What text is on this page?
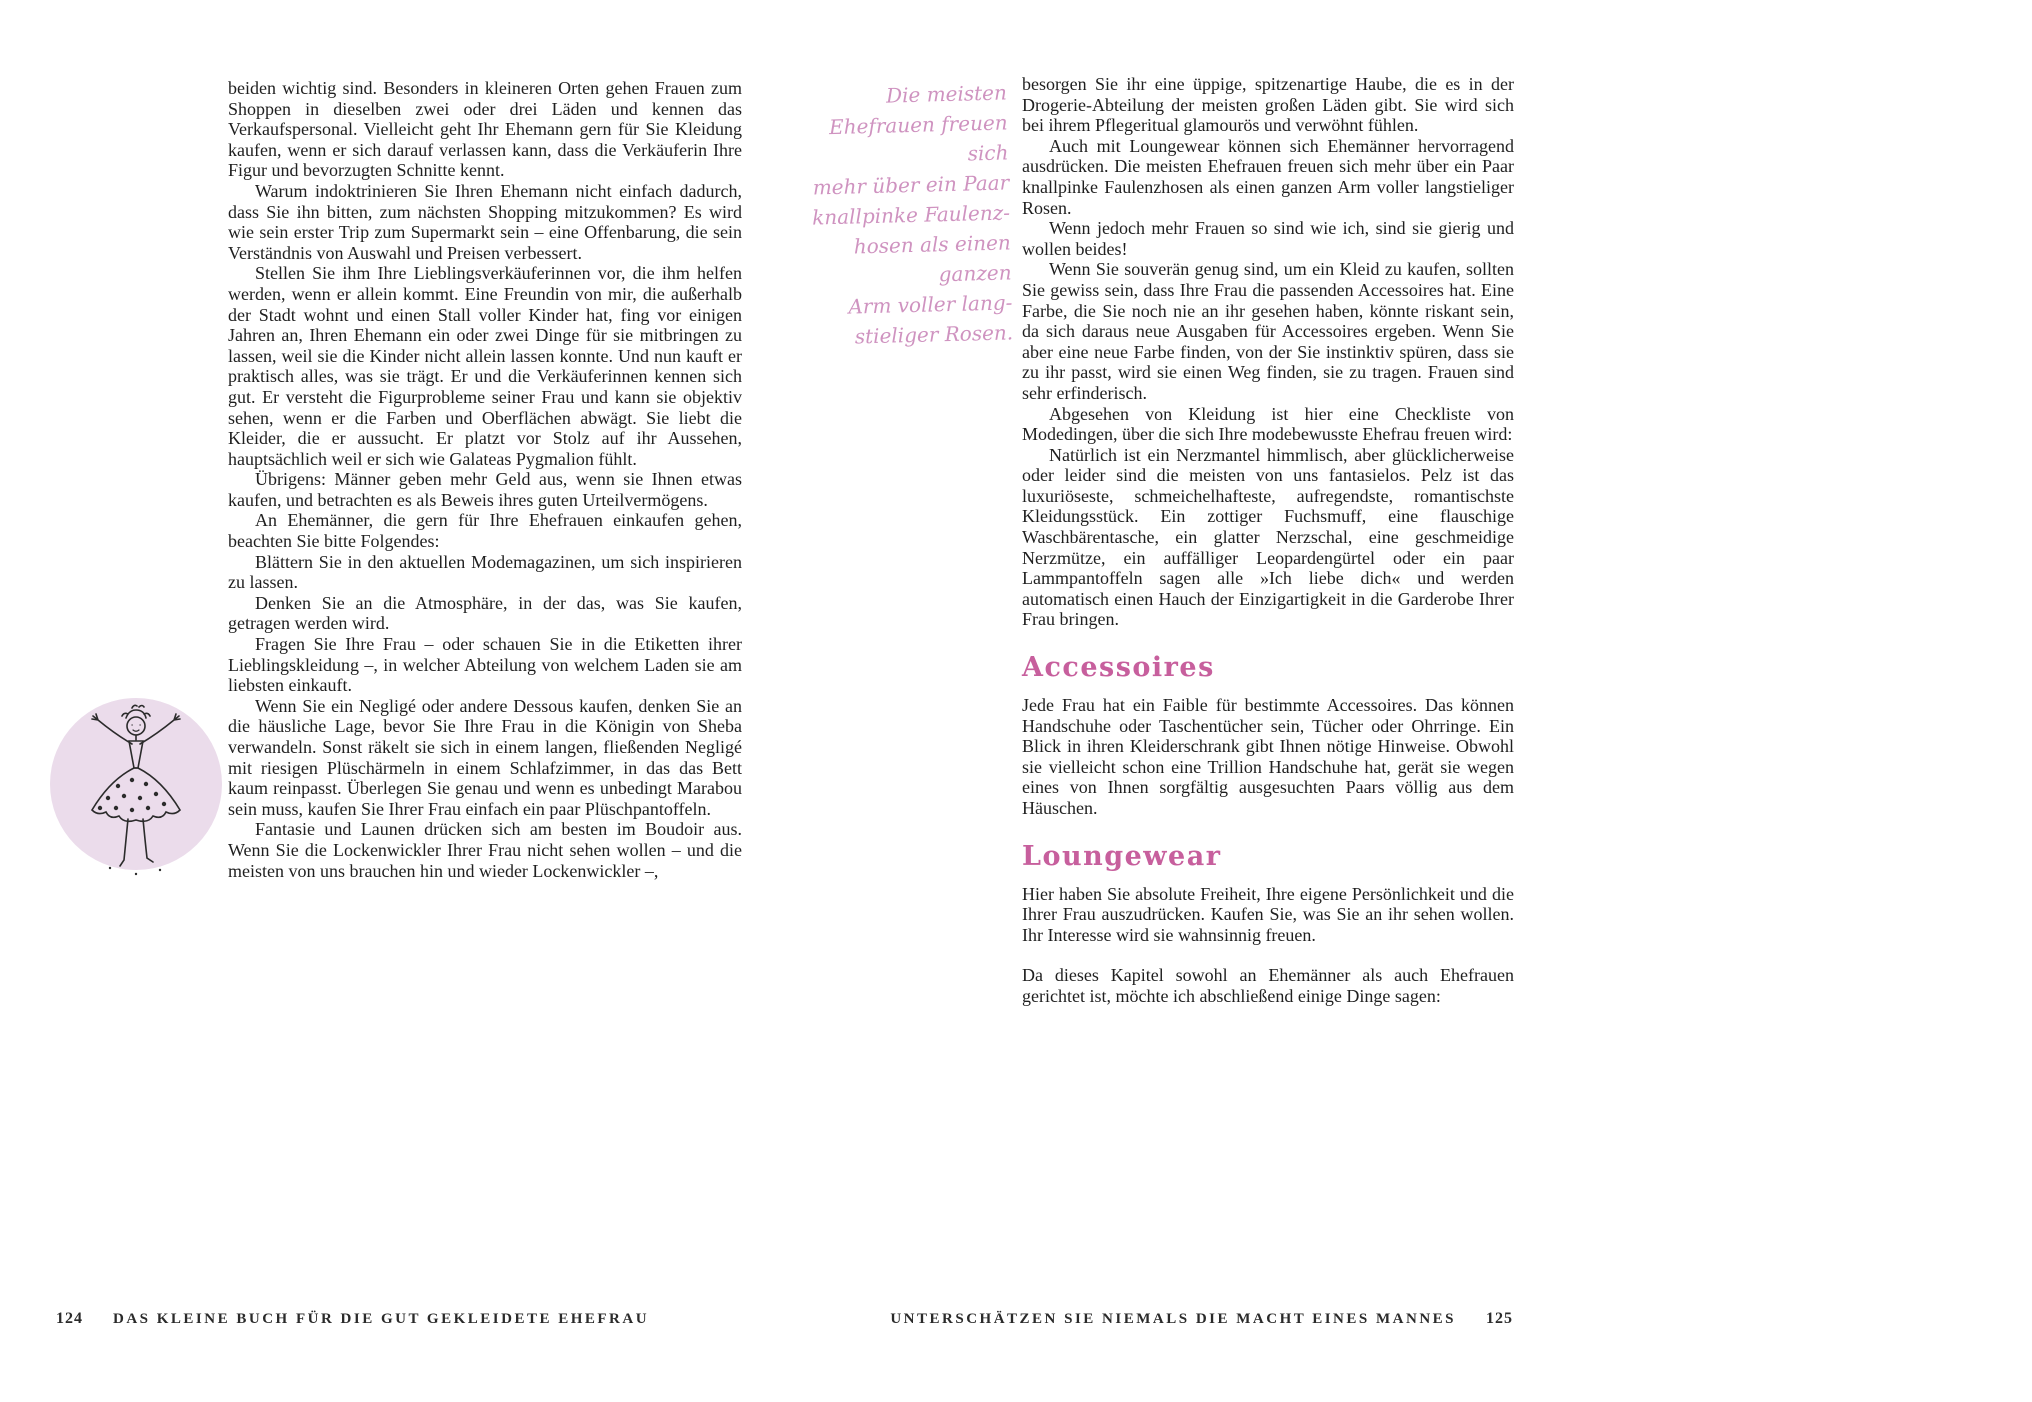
beiden wichtig sind. Besonders in kleineren Orten gehen Frauen zum Shoppen in dieselben zwei oder drei Läden und kennen das Verkaufspersonal. Vielleicht geht Ihr Ehemann gern für Sie Kleidung kaufen, wenn er sich darauf verlassen kann, dass die Verkäuferin Ihre Figur und bevorzugten Schnitte kennt.

Warum indoktrinieren Sie Ihren Ehemann nicht einfach dadurch, dass Sie ihn bitten, zum nächsten Shopping mitzukommen? Es wird wie sein erster Trip zum Supermarkt sein – eine Offenbarung, die sein Verständnis von Auswahl und Preisen verbessert.

Stellen Sie ihm Ihre Lieblingsverkäuferinnen vor, die ihm helfen werden, wenn er allein kommt. Eine Freundin von mir, die außerhalb der Stadt wohnt und einen Stall voller Kinder hat, fing vor einigen Jahren an, Ihren Ehemann ein oder zwei Dinge für sie mitbringen zu lassen, weil sie die Kinder nicht allein lassen konnte. Und nun kauft er praktisch alles, was sie trägt. Er und die Verkäuferinnen kennen sich gut. Er versteht die Figurprobleme seiner Frau und kann sie objektiv sehen, wenn er die Farben und Oberflächen abwägt. Sie liebt die Kleider, die er aussucht. Er platzt vor Stolz auf ihr Aussehen, hauptsächlich weil er sich wie Galateas Pygmalion fühlt.

Übrigens: Männer geben mehr Geld aus, wenn sie Ihnen etwas kaufen, und betrachten es als Beweis ihres guten Urteilvermögens.

An Ehemänner, die gern für Ihre Ehefrauen einkaufen gehen, beachten Sie bitte Folgendes:

Blättern Sie in den aktuellen Modemagazinen, um sich inspirieren zu lassen.

Denken Sie an die Atmosphäre, in der das, was Sie kaufen, getragen werden wird.

Fragen Sie Ihre Frau – oder schauen Sie in die Etiketten ihrer Lieblingskleidung –, in welcher Abteilung von welchem Laden sie am liebsten einkauft.

Wenn Sie ein Negligé oder andere Dessous kaufen, denken Sie an die häusliche Lage, bevor Sie Ihre Frau in die Königin von Sheba verwandeln. Sonst räkelt sie sich in einem langen, fließenden Negligé mit riesigen Plüschärmeln in einem Schlafzimmer, in das das Bett kaum reinpasst. Überlegen Sie genau und wenn es unbedingt Marabou sein muss, kaufen Sie Ihrer Frau einfach ein paar Plüschpantoffeln.

Fantasie und Launen drücken sich am besten im Boudoir aus. Wenn Sie die Lockenwickler Ihrer Frau nicht sehen wollen – und die meisten von uns brauchen hin und wieder Lockenwickler –,

Die meisten
Ehefrauen freuen sich
mehr über ein Paar
knallpinke Faulenz-
hosen als einen ganzen
Arm voller lang-
stieliger Rosen.

besorgen Sie ihr eine üppige, spitzenartige Haube, die es in der Drogerie-Abteilung der meisten großen Läden gibt. Sie wird sich bei ihrem Pflegeritual glamourös und verwöhnt fühlen.

Auch mit Loungewear können sich Ehemänner hervorragend ausdrücken. Die meisten Ehefrauen freuen sich mehr über ein Paar knallpinke Faulenzhosen als einen ganzen Arm voller langstieliger Rosen.

Wenn jedoch mehr Frauen so sind wie ich, sind sie gierig und wollen beides!

Wenn Sie souverän genug sind, um ein Kleid zu kaufen, sollten Sie gewiss sein, dass Ihre Frau die passenden Accessoires hat. Eine Farbe, die Sie noch nie an ihr gesehen haben, könnte riskant sein, da sich daraus neue Ausgaben für Accessoires ergeben. Wenn Sie aber eine neue Farbe finden, von der Sie instinktiv spüren, dass sie zu ihr passt, wird sie einen Weg finden, sie zu tragen. Frauen sind sehr erfinderisch.

Abgesehen von Kleidung ist hier eine Checkliste von Modedingen, über die sich Ihre modebewusste Ehefrau freuen wird:

Natürlich ist ein Nerzmantel himmlisch, aber glücklicherweise oder leider sind die meisten von uns fantasielos. Pelz ist das luxuriöseste, schmeichelhafteste, aufregendste, romantischste Kleidungsstück. Ein zottiger Fuchsmuff, eine flauschige Waschbärentasche, ein glatter Nerzschal, eine geschmeidige Nerzmütze, ein auffälliger Leopardengürtel oder ein paar Lammpantoffeln sagen alle »Ich liebe dich« und werden automatisch einen Hauch der Einzigartigkeit in die Garderobe Ihrer Frau bringen.

Accessoires

Jede Frau hat ein Faible für bestimmte Accessoires. Das können Handschuhe oder Taschentücher sein, Tücher oder Ohrringe. Ein Blick in ihren Kleiderschrank gibt Ihnen nötige Hinweise. Obwohl sie vielleicht schon eine Trillion Handschuhe hat, gerät sie wegen eines von Ihnen sorgfältig ausgesuchten Paars völlig aus dem Häuschen.

Loungewear

Hier haben Sie absolute Freiheit, Ihre eigene Persönlichkeit und die Ihrer Frau auszudrücken. Kaufen Sie, was Sie an ihr sehen wollen. Ihr Interesse wird sie wahnsinnig freuen.

Da dieses Kapitel sowohl an Ehemänner als auch Ehefrauen gerichtet ist, möchte ich abschließend einige Dinge sagen:

124 DAS KLEINE BUCH FÜR DIE GUT GEKLEIDETE EHEFRAU	UNTERSCHÄTZEN SIE NIEMALS DIE MACHT EINES MANNES 125
